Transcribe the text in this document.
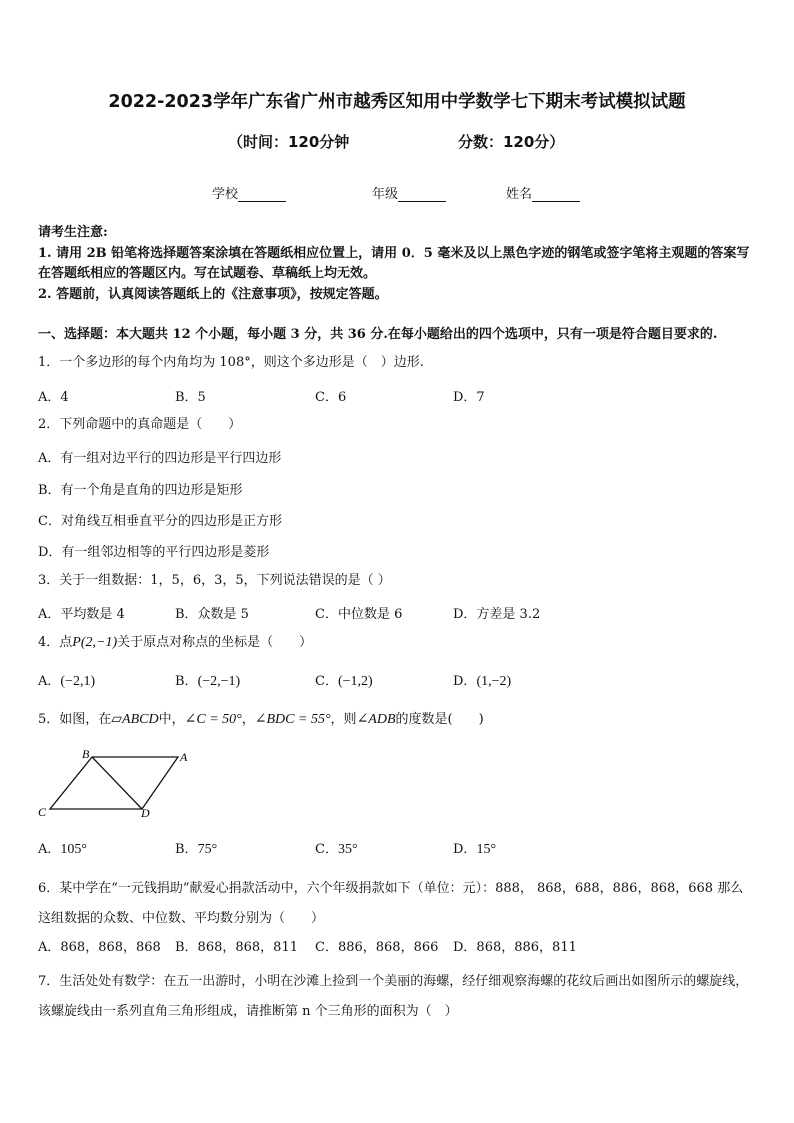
2022-2023学年广东省广州市越秀区知用中学数学七下期末考试模拟试题
（时间：120分钟	分数：120分）
学校	年级	姓名
请考生注意:
1. 请用 2B 铅笔将选择题答案涂填在答题纸相应位置上，请用 0．5 毫米及以上黑色字迹的钢笔或签字笔将主观题的答案写在答题纸相应的答题区内。写在试题卷、草稿纸上均无效。
2. 答题前，认真阅读答题纸上的《注意事项》，按规定答题。
一、选择题：本大题共 12 个小题，每小题 3 分，共 36 分.在每小题给出的四个选项中，只有一项是符合题目要求的.
1．一个多边形的每个内角均为 108°，则这个多边形是（　）边形.
A．4	B．5	C．6	D．7
2．下列命题中的真命题是（　　）
A．有一组对边平行的四边形是平行四边形
B．有一个角是直角的四边形是矩形
C．对角线互相垂直平分的四边形是正方形
D．有一组邻边相等的平行四边形是菱形
3．关于一组数据：1，5，6，3，5，下列说法错误的是（ ）
A．平均数是 4	B．众数是 5	C．中位数是 6	D．方差是 3.2
4．点P(2,−1)关于原点对称点的坐标是（　　）
A．(−2,1)	B．(−2,−1)	C．(−1,2)	D．(1,−2)
5．如图，在▱ABCD中，∠C = 50°，∠BDC = 55°，则∠ADB的度数是(　　)
B	A
C	D
A．105°	B．75°	C．35°	D．15°
6．某中学在“一元钱捐助”献爱心捐款活动中，六个年级捐款如下（单位：元）：888， 868，688，886，868，668 那么这组数据的众数、中位数、平均数分别为（　　）
A．868，868，868 B．868，868，811 C．886，868，866 D．868，886，811
7．生活处处有数学：在五一出游时，小明在沙滩上捡到一个美丽的海螺，经仔细观察海螺的花纹后画出如图所示的螺旋线，该螺旋线由一系列直角三角形组成，请推断第 n 个三角形的面积为（　）
